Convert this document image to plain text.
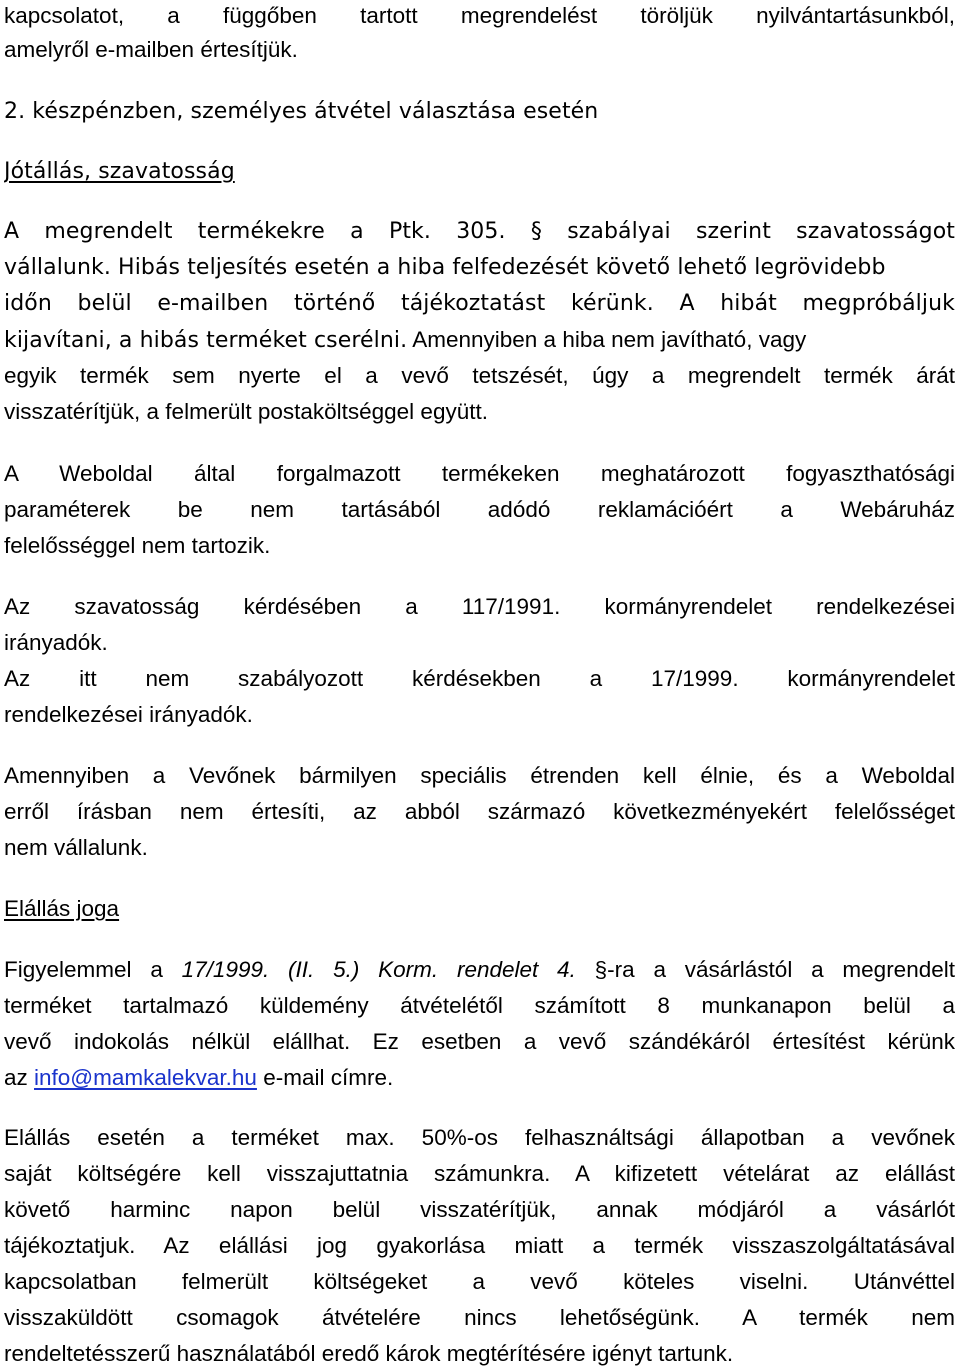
kapcsolatot, a függőben tartott megrendelést töröljük nyilvántartásunkból,
amelyről e-mailben értesítjük.
2. készpénzben, személyes átvétel választása esetén
Jótállás, szavatosság
A megrendelt termékekre a Ptk. 305. § szabályai szerint szavatosságot
vállalunk. Hibás teljesítés esetén a hiba felfedezését követő lehető legrövidebb
időn belül e-mailben történő tájékoztatást kérünk. A hibát megpróbáljuk
kijavítani, a hibás terméket cserélni. Amennyiben a hiba nem javítható, vagy
egyik termék sem nyerte el a vevő tetszését, úgy a megrendelt termék árát
visszatérítjük, a felmerült postaköltséggel együtt.
A Weboldal által forgalmazott termékeken meghatározott fogyaszthatósági
paraméterek be nem tartásából adódó reklamációért a Webáruház
felelősséggel nem tartozik.
Az szavatosság kérdésében a 117/1991. kormányrendelet rendelkezései
irányadók.
Az itt nem szabályozott kérdésekben a 17/1999. kormányrendelet
rendelkezései irányadók.
Amennyiben a Vevőnek bármilyen speciális étrenden kell élnie, és a Weboldal
erről írásban nem értesíti, az abból származó következményekért felelősséget
nem vállalunk.
Elállás joga
Figyelemmel a 17/1999. (II. 5.) Korm. rendelet 4. §-ra a vásárlástól a megrendelt
terméket tartalmazó küldemény átvételétől számított 8 munkanapon belül a
vevő indokolás nélkül elállhat. Ez esetben a vevő szándékáról értesítést kérünk
az info@mamkalekvar.hu e-mail címre.
Elállás esetén a terméket max. 50%-os felhasználtsági állapotban a vevőnek
saját költségére kell visszajuttatnia számunkra. A kifizetett vételárat az elállást
követő harminc napon belül visszatérítjük, annak módjáról a vásárlót
tájékoztatjuk. Az elállási jog gyakorlása miatt a termék visszaszolgáltatásával
kapcsolatban felmerült költségeket a vevő köteles viselni. Utánvéttel
visszaküldött csomagok átvételére nincs lehetőségünk. A termék nem
rendeltetésszerű használatából eredő károk megtérítésére igényt tartunk.
